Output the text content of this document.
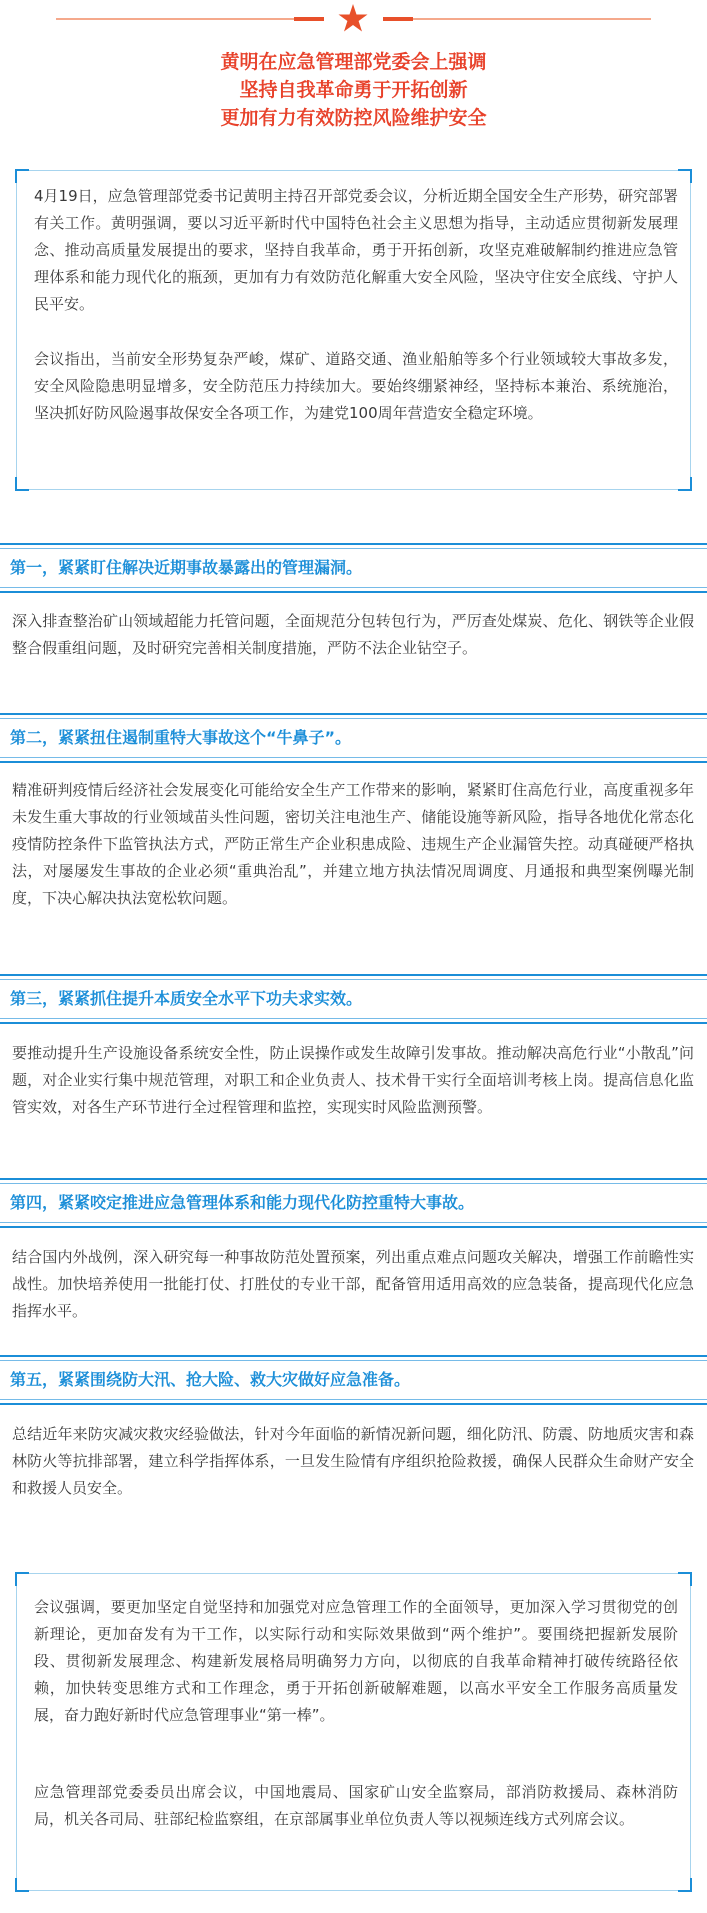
黄明在应急管理部党委会上强调
坚持自我革命勇于开拓创新
更加有力有效防控风险维护安全

4月19日，应急管理部党委书记黄明主持召开部党委会议，分析近期全国安全生产形势，研究部署有关工作。黄明强调，要以习近平新时代中国特色社会主义思想为指导，主动适应贯彻新发展理念、推动高质量发展提出的要求，坚持自我革命，勇于开拓创新，攻坚克难破解制约推进应急管理体系和能力现代化的瓶颈，更加有力有效防范化解重大安全风险，坚决守住安全底线、守护人民平安。

会议指出，当前安全形势复杂严峻，煤矿、道路交通、渔业船舶等多个行业领域较大事故多发，安全风险隐患明显增多，安全防范压力持续加大。要始终绷紧神经，坚持标本兼治、系统施治，坚决抓好防风险遏事故保安全各项工作，为建党100周年营造安全稳定环境。

第一，紧紧盯住解决近期事故暴露出的管理漏洞。

深入排查整治矿山领域超能力托管问题，全面规范分包转包行为，严厉查处煤炭、危化、钢铁等企业假整合假重组问题，及时研究完善相关制度措施，严防不法企业钻空子。

第二，紧紧扭住遏制重特大事故这个“牛鼻子”。

精准研判疫情后经济社会发展变化可能给安全生产工作带来的影响，紧紧盯住高危行业，高度重视多年未发生重大事故的行业领域苗头性问题，密切关注电池生产、储能设施等新风险，指导各地优化常态化疫情防控条件下监管执法方式，严防正常生产企业积患成险、违规生产企业漏管失控。动真碰硬严格执法，对屡屡发生事故的企业必须“重典治乱”，并建立地方执法情况周调度、月通报和典型案例曝光制度，下决心解决执法宽松软问题。

第三，紧紧抓住提升本质安全水平下功夫求实效。

要推动提升生产设施设备系统安全性，防止误操作或发生故障引发事故。推动解决高危行业“小散乱”问题，对企业实行集中规范管理，对职工和企业负责人、技术骨干实行全面培训考核上岗。提高信息化监管实效，对各生产环节进行全过程管理和监控，实现实时风险监测预警。

第四，紧紧咬定推进应急管理体系和能力现代化防控重特大事故。

结合国内外战例，深入研究每一种事故防范处置预案，列出重点难点问题攻关解决，增强工作前瞻性实战性。加快培养使用一批能打仗、打胜仗的专业干部，配备管用适用高效的应急装备，提高现代化应急指挥水平。

第五，紧紧围绕防大汛、抢大险、救大灾做好应急准备。

总结近年来防灾减灾救灾经验做法，针对今年面临的新情况新问题，细化防汛、防震、防地质灾害和森林防火等抗排部署，建立科学指挥体系，一旦发生险情有序组织抢险救援，确保人民群众生命财产安全和救援人员安全。

会议强调，要更加坚定自觉坚持和加强党对应急管理工作的全面领导，更加深入学习贯彻党的创新理论，更加奋发有为干工作，以实际行动和实际效果做到“两个维护”。要围绕把握新发展阶段、贯彻新发展理念、构建新发展格局明确努力方向，以彻底的自我革命精神打破传统路径依赖，加快转变思维方式和工作理念，勇于开拓创新破解难题，以高水平安全工作服务高质量发展，奋力跑好新时代应急管理事业“第一棒”。

应急管理部党委委员出席会议，中国地震局、国家矿山安全监察局，部消防救援局、森林消防局，机关各司局、驻部纪检监察组，在京部属事业单位负责人等以视频连线方式列席会议。
